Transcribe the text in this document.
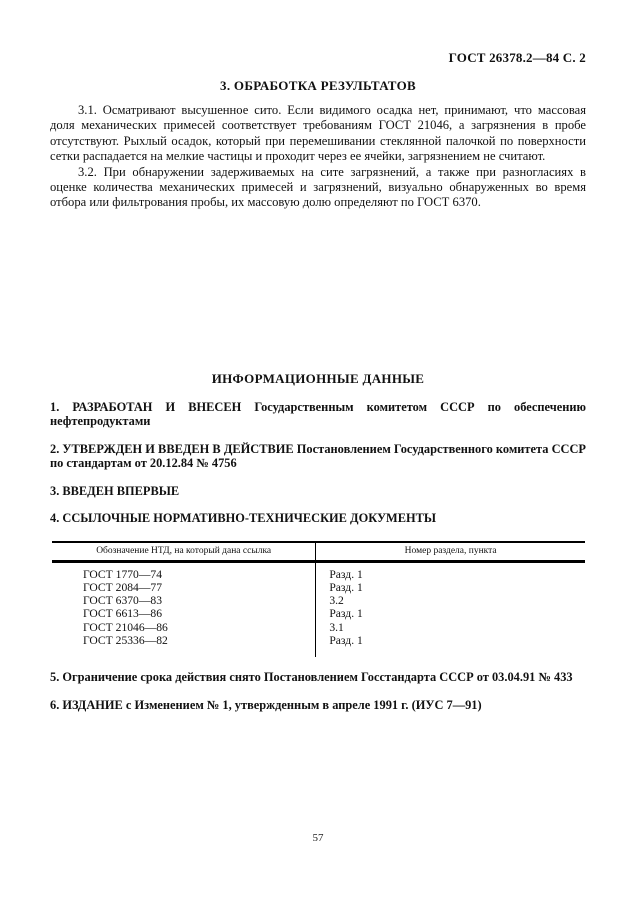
ГОСТ 26378.2—84 С. 2
3. ОБРАБОТКА РЕЗУЛЬТАТОВ

3.1. Осматривают высушенное сито. Если видимого осадка нет, принимают, что массовая доля механических примесей соответствует требованиям ГОСТ 21046, а загрязнения в пробе отсутствуют. Рыхлый осадок, который при перемешивании стеклянной палочкой по поверхности сетки распадается на мелкие частицы и проходит через ее ячейки, загрязнением не считают.

3.2. При обнаружении задерживаемых на сите загрязнений, а также при разногласиях в оценке количества механических примесей и загрязнений, визуально обнаруженных во время отбора или фильтрования пробы, их массовую долю определяют по ГОСТ 6370.

ИНФОРМАЦИОННЫЕ ДАННЫЕ

1. РАЗРАБОТАН И ВНЕСЕН Государственным комитетом СССР по обеспечению нефтепродуктами

2. УТВЕРЖДЕН И ВВЕДЕН В ДЕЙСТВИЕ Постановлением Государственного комитета СССР по стандартам от 20.12.84 № 4756

3. ВВЕДЕН ВПЕРВЫЕ

4. ССЫЛОЧНЫЕ НОРМАТИВНО-ТЕХНИЧЕСКИЕ ДОКУМЕНТЫ

Обозначение НТД, на который дана ссылка	Номер раздела, пункта
ГОСТ 1770—74	Разд. 1
ГОСТ 2084—77	Разд. 1
ГОСТ 6370—83	3.2
ГОСТ 6613—86	Разд. 1
ГОСТ 21046—86	3.1
ГОСТ 25336—82	Разд. 1

5. Ограничение срока действия снято Постановлением Госстандарта СССР от 03.04.91 № 433

6. ИЗДАНИЕ с Изменением № 1, утвержденным в апреле 1991 г. (ИУС 7—91)

57
